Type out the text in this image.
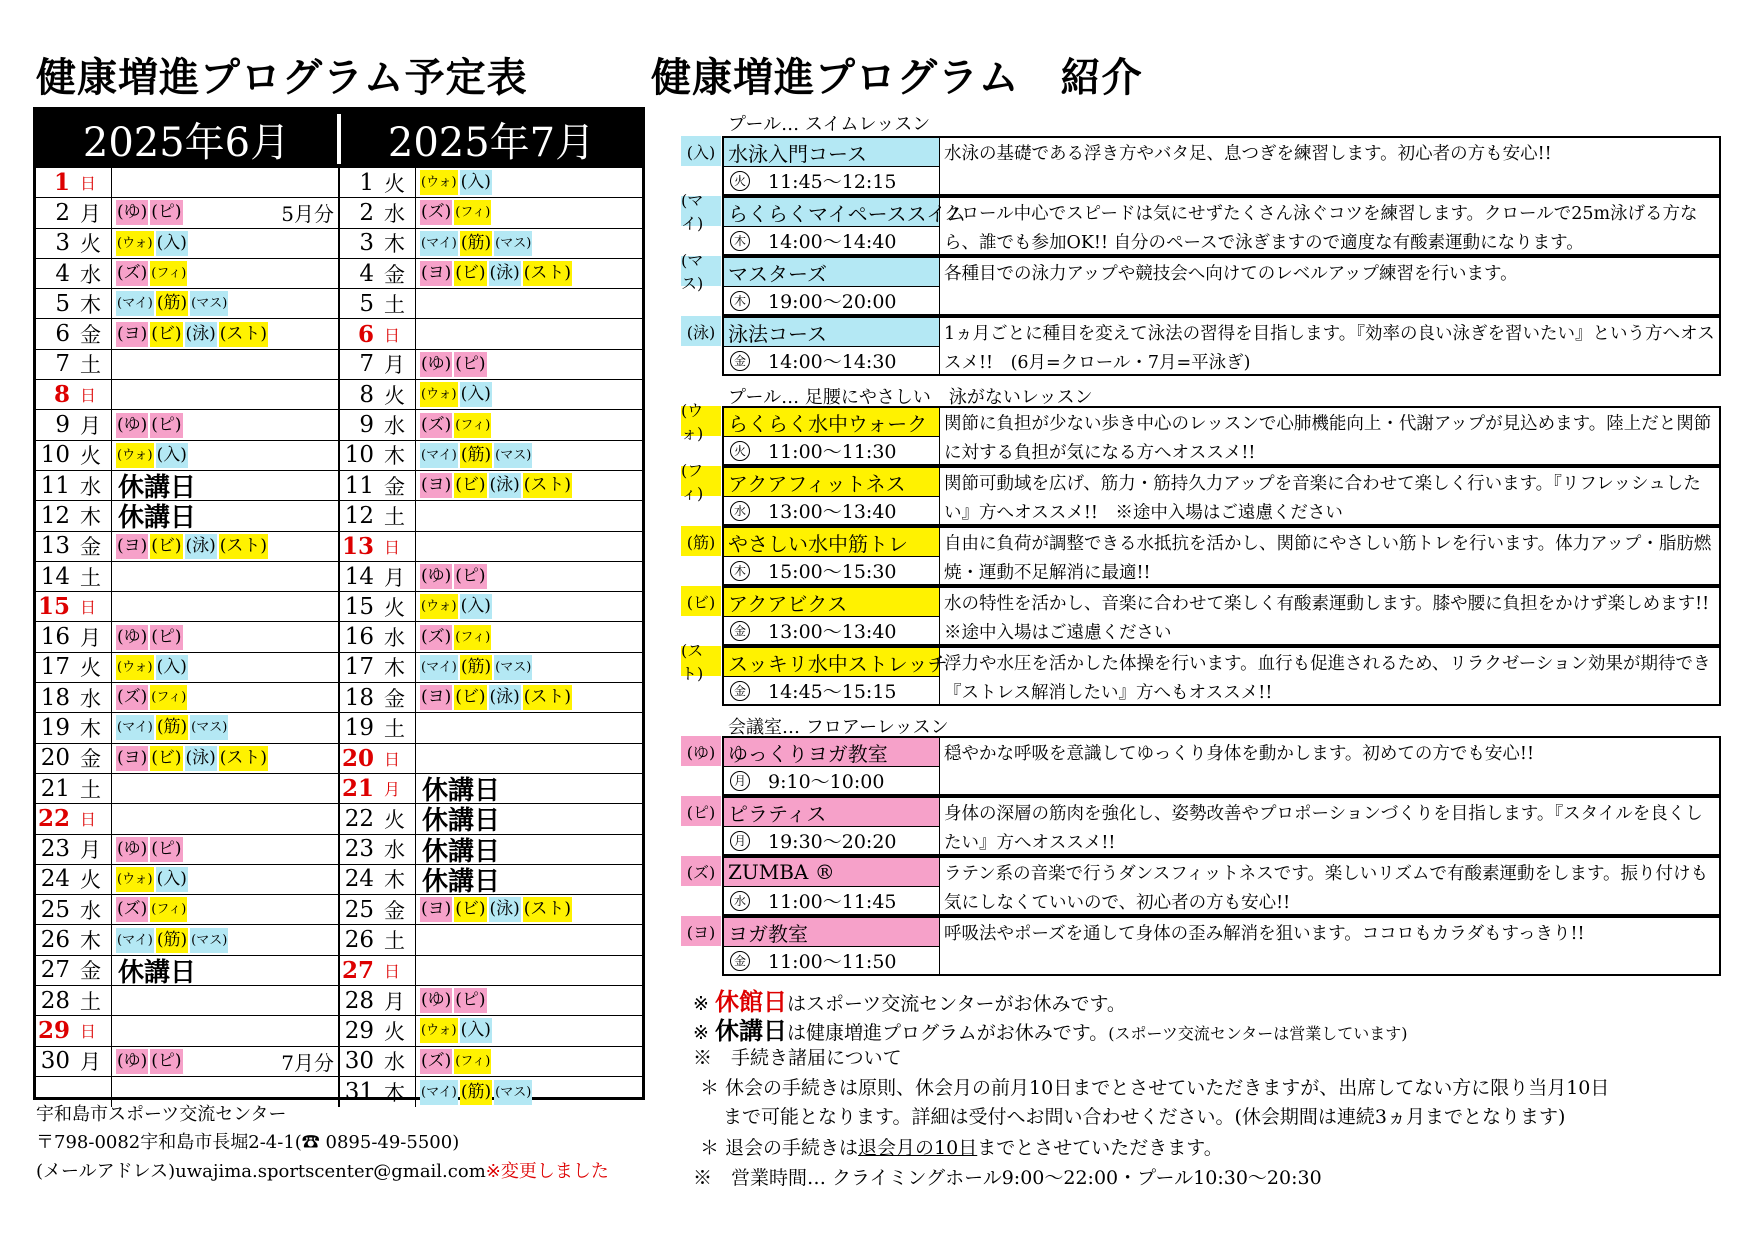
健康増進プログラム予定表	健康増進プログラム　紹介
2025年6月	2025年7月
1 日
2 月 (ゆ) (ピ)	5月分
3 火	(ウォ) (入)
4 水 (ズ) (フィ)
5 木	(マイ) (筋) (マス)
6 金 (ヨ) (ビ) (泳) (スト)
7 土
8 日
9 月 (ゆ) (ピ)
10 火	(ウォ) (入)
11 水 休講日
12 木 休講日
13 金 (ヨ) (ビ) (泳) (スト)
14 土
15 日
16 月 (ゆ) (ピ)
17 火	(ウォ) (入)
18 水 (ズ) (フィ)
19 木	(マイ) (筋) (マス)
20 金 (ヨ) (ビ) (泳) (スト)
21 土
22 日
23 月 (ゆ) (ピ)
24 火	(ウォ) (入)
25 水 (ズ) (フィ)
26 木	(マイ) (筋) (マス)
27 金 休講日
28 土
29 日
30 月 (ゆ) (ピ)	7月分
1 火	(ウォ) (入)
2 水 (ズ) (フィ)
3 木	(マイ) (筋) (マス)
4 金 (ヨ) (ビ) (泳) (スト)
5 土
6 日
7 月 (ゆ) (ピ)
8 火	(ウォ) (入)
9 水 (ズ) (フィ)
10 木	(マイ) (筋) (マス)
11 金 (ヨ) (ビ) (泳) (スト)
12 土
13 日
14 月 (ゆ) (ピ)
15 火	(ウォ) (入)
16 水 (ズ) (フィ)
17 木	(マイ) (筋) (マス)
18 金 (ヨ) (ビ) (泳) (スト)
19 土
20 日
21 月 休講日
22 火 休講日
23 水 休講日
24 木 休講日
25 金 (ヨ) (ビ) (泳) (スト)
26 土
27 日
28 月 (ゆ) (ピ)
29 火	(ウォ) (入)
30 水 (ズ) (フィ)
31 木	(マイ) (筋) (マス)
宇和島市スポーツ交流センター
〒798-0082宇和島市長堀2-4-1(☎ 0895-49-5500)
(メールアドレス)uwajima.sportscenter@gmail.com※変更しました
プール… スイムレッスン
プール… 足腰にやさしい　泳がないレッスン
会議室… フロアーレッスン
(入) 水泳入門コース
火 11:45～12:15
水泳の基礎である浮き方やバタ足、息つぎを練習します。初心者の方も安心!!
(マイ)	らくらくマイペーススイム
木 14:00～14:40
クロール中心でスピードは気にせずたくさん泳ぐコツを練習します。クロールで25m泳げる方なら、誰でも参加OK!! 自分のペースで泳ぎますので適度な有酸素運動になります。
(マス)	マスターズ
木 19:00～20:00
各種目での泳力アップや競技会へ向けてのレベルアップ練習を行います。
(泳) 泳法コース
金 14:00～14:30
1ヵ月ごとに種目を変えて泳法の習得を目指します。『効率の良い泳ぎを習いたい』という方へオススメ!!　(6月=クロール・7月=平泳ぎ)
(ウォ)	らくらく水中ウォーク
火 11:00～11:30
関節に負担が少ない歩き中心のレッスンで心肺機能向上・代謝アップが見込めます。陸上だと関節に対する負担が気になる方へオススメ!!
(フィ)	アクアフィットネス
水 13:00～13:40
関節可動域を広げ、筋力・筋持久力アップを音楽に合わせて楽しく行います。『リフレッシュしたい』方へオススメ!!　※途中入場はご遠慮ください
(筋) やさしい水中筋トレ
木 15:00～15:30
自由に負荷が調整できる水抵抗を活かし、関節にやさしい筋トレを行います。体力アップ・脂肪燃焼・運動不足解消に最適!!
(ビ) アクアビクス
金 13:00～13:40
水の特性を活かし、音楽に合わせて楽しく有酸素運動します。膝や腰に負担をかけず楽しめます!!　※途中入場はご遠慮ください
(スト)	スッキリ水中ストレッチ
金 14:45～15:15
浮力や水圧を活かした体操を行います。血行も促進されるため、リラクゼーション効果が期待でき『ストレス解消したい』方へもオススメ!!
(ゆ) ゆっくりヨガ教室
月 9:10～10:00
穏やかな呼吸を意識してゆっくり身体を動かします。初めての方でも安心!!
(ピ) ピラティス
月 19:30～20:20
身体の深層の筋肉を強化し、姿勢改善やプロポーションづくりを目指します。『スタイルを良くしたい』方へオススメ!!
(ズ) ZUMBA ®
水 11:00～11:45
ラテン系の音楽で行うダンスフィットネスです。楽しいリズムで有酸素運動をします。振り付けも気にしなくていいので、初心者の方も安心!!
(ヨ) ヨガ教室
金 11:00～11:50
呼吸法やポーズを通して身体の歪み解消を狙います。ココロもカラダもすっきり!!
※ 休館日はスポーツ交流センターがお休みです。
※ 休講日は健康増進プログラムがお休みです。(スポーツ交流センターは営業しています)
※　手続き諸届について
＊ 休会の手続きは原則、休会月の前月10日までとさせていただきますが、出席してない方に限り当月10日
まで可能となります。詳細は受付へお問い合わせください。(休会期間は連続3ヵ月までとなります)
＊ 退会の手続きは退会月の10日までとさせていただきます。
※　営業時間… クライミングホール9:00～22:00・プール10:30～20:30
